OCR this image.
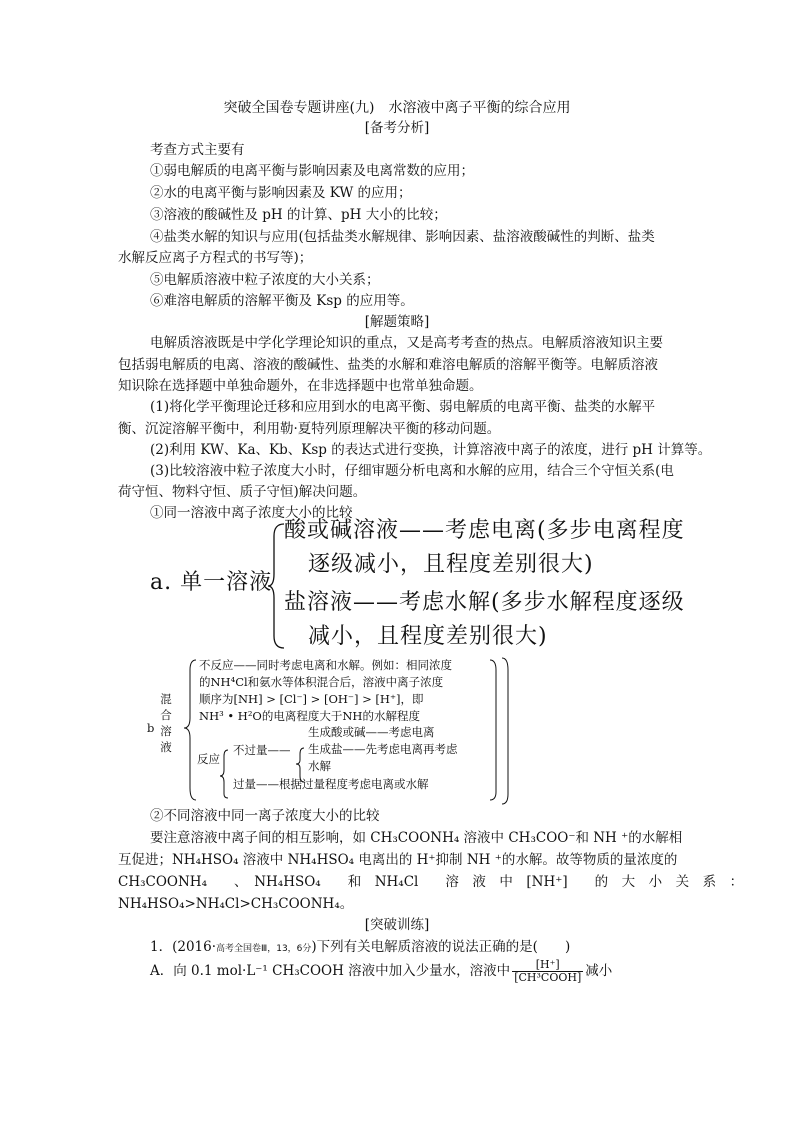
突破全国卷专题讲座(九)　水溶液中离子平衡的综合应用
[备考分析]
考查方式主要有
①弱电解质的电离平衡与影响因素及电离常数的应用；
②水的电离平衡与影响因素及 KW 的应用；
③溶液的酸碱性及 pH 的计算、pH 大小的比较；
④盐类水解的知识与应用(包括盐类水解规律、影响因素、盐溶液酸碱性的判断、盐类
水解反应离子方程式的书写等)；
⑤电解质溶液中粒子浓度的大小关系；
⑥难溶电解质的溶解平衡及 Ksp 的应用等。
[解题策略]
电解质溶液既是中学化学理论知识的重点，又是高考考查的热点。电解质溶液知识主要
包括弱电解质的电离、溶液的酸碱性、盐类的水解和难溶电解质的溶解平衡等。电解质溶液
知识除在选择题中单独命题外，在非选择题中也常单独命题。
(1)将化学平衡理论迁移和应用到水的电离平衡、弱电解质的电离平衡、盐类的水解平
衡、沉淀溶解平衡中，利用勒·夏特列原理解决平衡的移动问题。
(2)利用 KW、Ka、Kb、Ksp 的表达式进行变换，计算溶液中离子的浓度，进行 pH 计算等。
(3)比较溶液中粒子浓度大小时，仔细审题分析电离和水解的应用，结合三个守恒关系(电
荷守恒、物料守恒、质子守恒)解决问题。
①同一溶液中离子浓度大小的比较
a. 单一溶液
酸或碱溶液——考虑电离(多步电离程度
逐级减小，且程度差别很大)
盐溶液——考虑水解(多步水解程度逐级
减小，且程度差别很大)
b
混
合
溶
液
不反应——同时考虑电离和水解。例如：相同浓度
的NH⁴Cl和氨水等体积混合后，溶液中离子浓度
顺序为[NH] > [Cl⁻] > [OH⁻] > [H⁺]，即
NH³ • H²O的电离程度大于NH的水解程度
反应
不过量——
生成酸或碱——考虑电离
生成盐——先考虑电离再考虑
水解
过量——根据过量程度考虑电离或水解
②不同溶液中同一离子浓度大小的比较
要注意溶液中离子间的相互影响，如 CH₃COONH₄ 溶液中 CH₃COO⁻和 NH ⁺的水解相
互促进；NH₄HSO₄ 溶液中 NH₄HSO₄ 电离出的 H⁺抑制 NH ⁺的水解。故等物质的量浓度的
CH₃COONH₄　　、　NH₄HSO₄　　和　NH₄Cl　　溶　液　中　[NH⁺]　　的　大　小　关　系　：
NH₄HSO₄>NH₄Cl>CH₃COONH₄。
[突破训练]
1．(2016·高考全国卷Ⅲ，13，6分)下列有关电解质溶液的说法正确的是(　　)
A．向 0.1 mol·L⁻¹ CH₃COOH 溶液中加入少量水，溶液中 $\frac{[H^+]}{\text{[CH³COOH]}}$ 减小
